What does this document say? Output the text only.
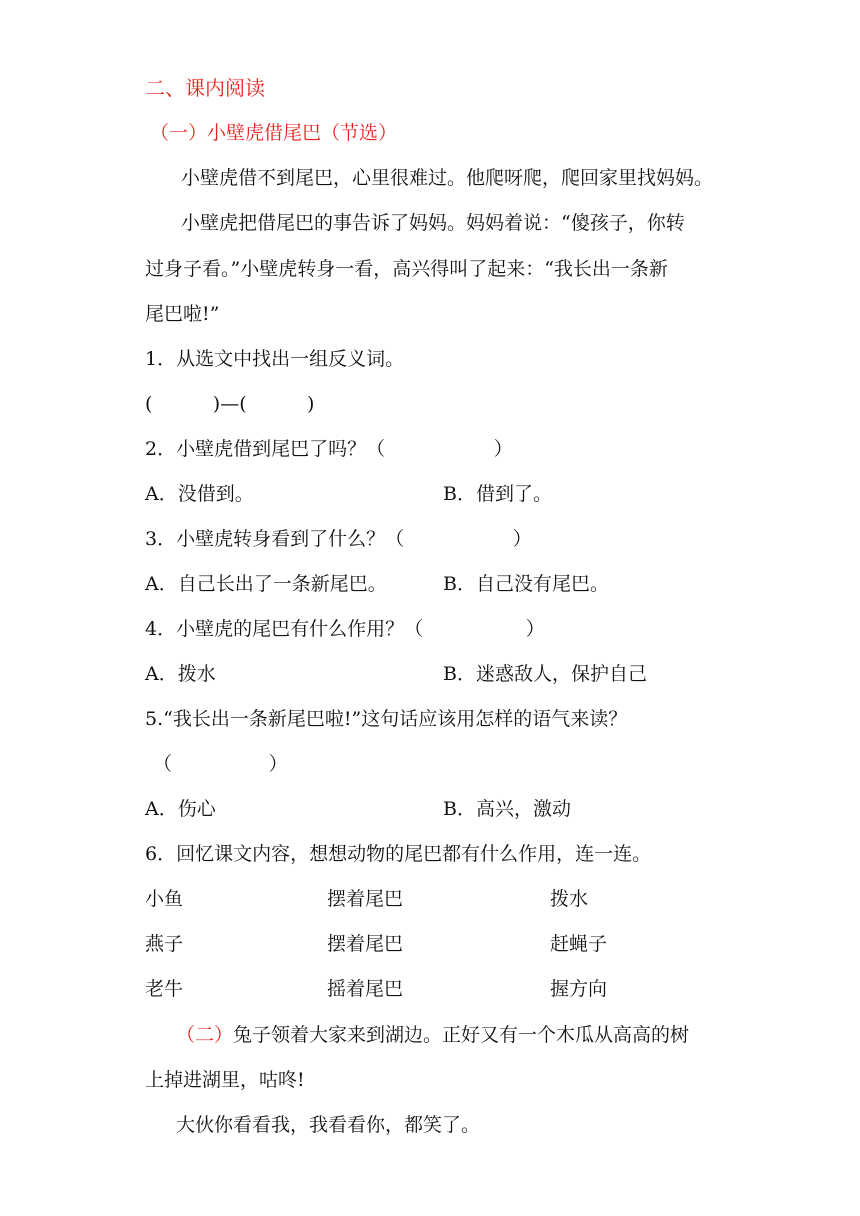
二、课内阅读
（一）小壁虎借尾巴（节选）
小壁虎借不到尾巴，心里很难过。他爬呀爬，爬回家里找妈妈。
小壁虎把借尾巴的事告诉了妈妈。妈妈着说：“傻孩子，你转
过身子看。”小壁虎转身一看，高兴得叫了起来：“我长出一条新
尾巴啦!”
1．从选文中找出一组反义词。
(          )—(          )
2．小壁虎借到尾巴了吗？（                  ）
A．没借到。	B．借到了。
3．小壁虎转身看到了什么？（                  ）
A．自己长出了一条新尾巴。	B．自己没有尾巴。
4．小壁虎的尾巴有什么作用？（                 ）
A．拨水	B．迷惑敌人，保护自己
5.“我长出一条新尾巴啦!”这句话应该用怎样的语气来读？
（                ）
A．伤心	B．高兴，激动
6．回忆课文内容，想想动物的尾巴都有什么作用，连一连。
小鱼	摆着尾巴	拨水
燕子	摆着尾巴	赶蝇子
老牛	摇着尾巴	握方向
（二）兔子领着大家来到湖边。正好又有一个木瓜从高高的树
上掉进湖里，咕咚!
大伙你看看我，我看看你，都笑了。
